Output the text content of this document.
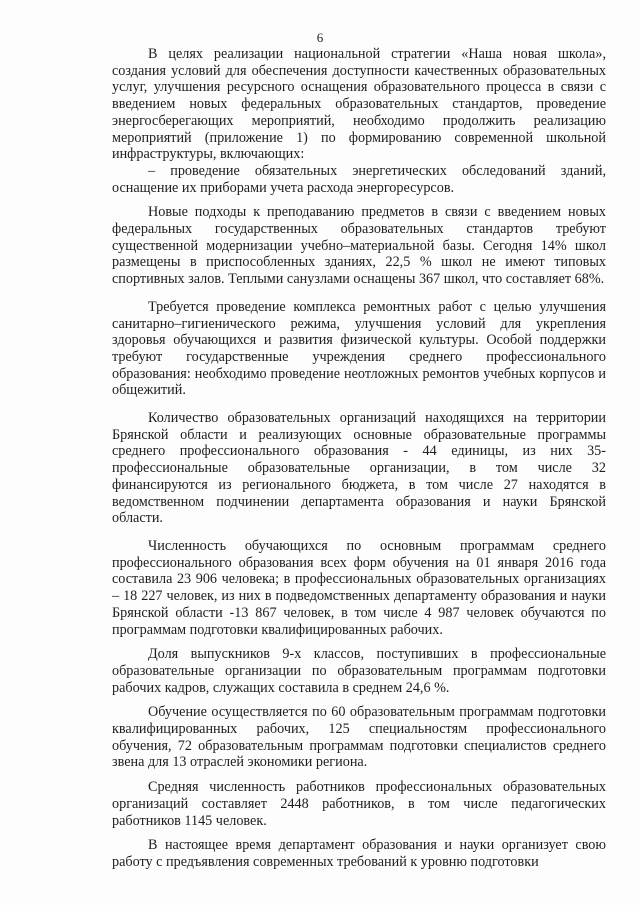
6

В целях реализации национальной стратегии «Наша новая школа», создания условий для обеспечения доступности качественных образовательных услуг, улучшения ресурсного оснащения образовательного процесса в связи с введением новых федеральных образовательных стандартов, проведение энергосберегающих мероприятий, необходимо продолжить реализацию мероприятий (приложение 1) по формированию современной школьной инфраструктуры, включающих:

– проведение обязательных энергетических обследований зданий, оснащение их приборами учета расхода энергоресурсов.

Новые подходы к преподаванию предметов в связи с введением новых федеральных государственных образовательных стандартов требуют существенной модернизации учебно–материальной базы. Сегодня 14% школ размещены в приспособленных зданиях, 22,5 % школ не имеют типовых спортивных залов. Теплыми санузлами оснащены 367 школ, что составляет 68%.

Требуется проведение комплекса ремонтных работ с целью улучшения санитарно–гигиенического режима, улучшения условий для укрепления здоровья обучающихся и развития физической культуры. Особой поддержки требуют государственные учреждения среднего профессионального образования: необходимо проведение неотложных ремонтов учебных корпусов и общежитий.

Количество образовательных организаций находящихся на территории Брянской области и реализующих основные образовательные программы среднего профессионального образования - 44 единицы, из них 35-профессиональные образовательные организации, в том числе 32 финансируются из регионального бюджета, в том числе 27 находятся в ведомственном подчинении департамента образования и науки Брянской области.

Численность обучающихся по основным программам среднего профессионального образования всех форм обучения на 01 января 2016 года составила 23 906 человека; в профессиональных образовательных организациях – 18 227 человек, из них в подведомственных департаменту образования и науки Брянской области -13 867 человек, в том числе 4 987 человек обучаются по программам подготовки квалифицированных рабочих.

Доля выпускников 9-х классов, поступивших в профессиональные образовательные организации по образовательным программам подготовки рабочих кадров, служащих составила в среднем 24,6 %.

Обучение осуществляется по 60 образовательным программам подготовки квалифицированных рабочих, 125 специальностям профессионального обучения, 72 образовательным программам подготовки специалистов среднего звена для 13 отраслей экономики региона.

Средняя численность работников профессиональных образовательных организаций составляет 2448 работников, в том числе педагогических работников 1145 человек.

В настоящее время департамент образования и науки организует свою работу с предъявления современных требований к уровню подготовки
